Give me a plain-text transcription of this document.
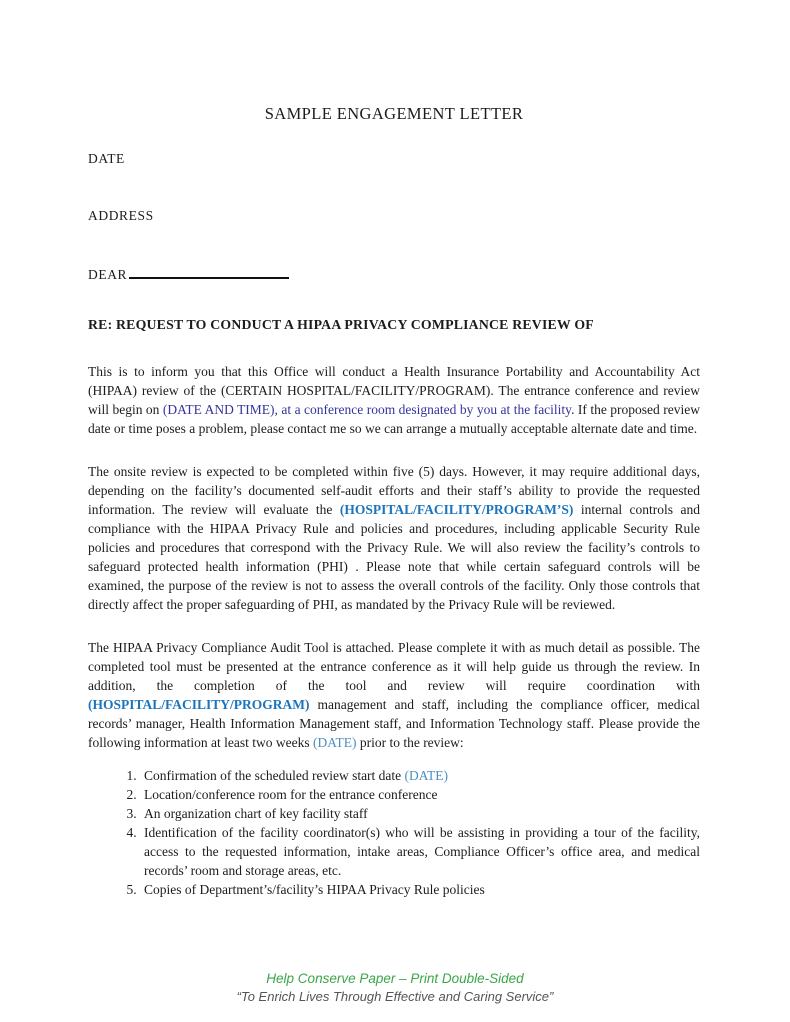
SAMPLE ENGAGEMENT LETTER
DATE
ADDRESS
DEAR
RE: REQUEST TO CONDUCT A HIPAA PRIVACY COMPLIANCE REVIEW OF

This is to inform you that this Office will conduct a Health Insurance Portability and Accountability Act (HIPAA) review of the (CERTAIN HOSPITAL/FACILITY/PROGRAM). The entrance conference and review will begin on (DATE AND TIME), at a conference room designated by you at the facility. If the proposed review date or time poses a problem, please contact me so we can arrange a mutually acceptable alternate date and time.

The onsite review is expected to be completed within five (5) days. However, it may require additional days, depending on the facility’s documented self-audit efforts and their staff’s ability to provide the requested information. The review will evaluate the (HOSPITAL/FACILITY/PROGRAM’S) internal controls and compliance with the HIPAA Privacy Rule and policies and procedures, including applicable Security Rule policies and procedures that correspond with the Privacy Rule. We will also review the facility’s controls to safeguard protected health information (PHI) . Please note that while certain safeguard controls will be examined, the purpose of the review is not to assess the overall controls of the facility. Only those controls that directly affect the proper safeguarding of PHI, as mandated by the Privacy Rule will be reviewed.

The HIPAA Privacy Compliance Audit Tool is attached. Please complete it with as much detail as possible. The completed tool must be presented at the entrance conference as it will help guide us through the review. In addition, the completion of the tool and review will require coordination with (HOSPITAL/FACILITY/PROGRAM) management and staff, including the compliance officer, medical records’ manager, Health Information Management staff, and Information Technology staff. Please provide the following information at least two weeks (DATE) prior to the review:

1. Confirmation of the scheduled review start date (DATE)
2. Location/conference room for the entrance conference
3. An organization chart of key facility staff
4. Identification of the facility coordinator(s) who will be assisting in providing a tour of the facility, access to the requested information, intake areas, Compliance Officer’s office area, and medical records’ room and storage areas, etc.
5. Copies of Department’s/facility’s HIPAA Privacy Rule policies
Help Conserve Paper – Print Double-Sided
“To Enrich Lives Through Effective and Caring Service”
